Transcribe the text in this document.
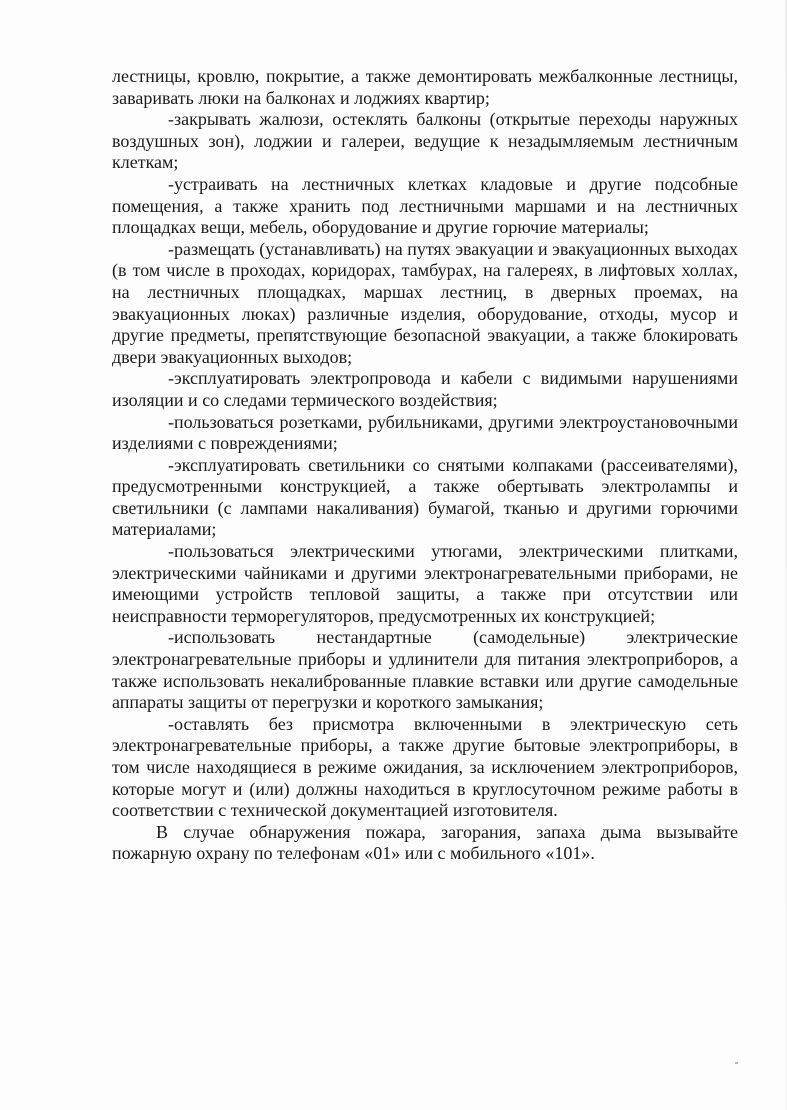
лестницы, кровлю, покрытие, а также демонтировать межбалконные лестницы, заваривать люки на балконах и лоджиях квартир;

-закрывать жалюзи, остеклять балконы (открытые переходы наружных воздушных зон), лоджии и галереи, ведущие к незадымляемым лестничным клеткам;

-устраивать на лестничных клетках кладовые и другие подсобные помещения, а также хранить под лестничными маршами и на лестничных площадках вещи, мебель, оборудование и другие горючие материалы;

-размещать (устанавливать) на путях эвакуации и эвакуационных выходах (в том числе в проходах, коридорах, тамбурах, на галереях, в лифтовых холлах, на лестничных площадках, маршах лестниц, в дверных проемах, на эвакуационных люках) различные изделия, оборудование, отходы, мусор и другие предметы, препятствующие безопасной эвакуации, а также блокировать двери эвакуационных выходов;

-эксплуатировать электропровода и кабели с видимыми нарушениями изоляции и со следами термического воздействия;

-пользоваться розетками, рубильниками, другими электроустановочными изделиями с повреждениями;

-эксплуатировать светильники со снятыми колпаками (рассеивателями), предусмотренными конструкцией, а также обертывать электролампы и светильники (с лампами накаливания) бумагой, тканью и другими горючими материалами;

-пользоваться электрическими утюгами, электрическими плитками, электрическими чайниками и другими электронагревательными приборами, не имеющими устройств тепловой защиты, а также при отсутствии или неисправности терморегуляторов, предусмотренных их конструкцией;

-использовать нестандартные (самодельные) электрические электронагревательные приборы и удлинители для питания электроприборов, а также использовать некалиброванные плавкие вставки или другие самодельные аппараты защиты от перегрузки и короткого замыкания;

-оставлять без присмотра включенными в электрическую сеть электронагревательные приборы, а также другие бытовые электроприборы, в том числе находящиеся в режиме ожидания, за исключением электроприборов, которые могут и (или) должны находиться в круглосуточном режиме работы в соответствии с технической документацией изготовителя.

В случае обнаружения пожара, загорания, запаха дыма вызывайте пожарную охрану по телефонам «01» или с мобильного «101».
